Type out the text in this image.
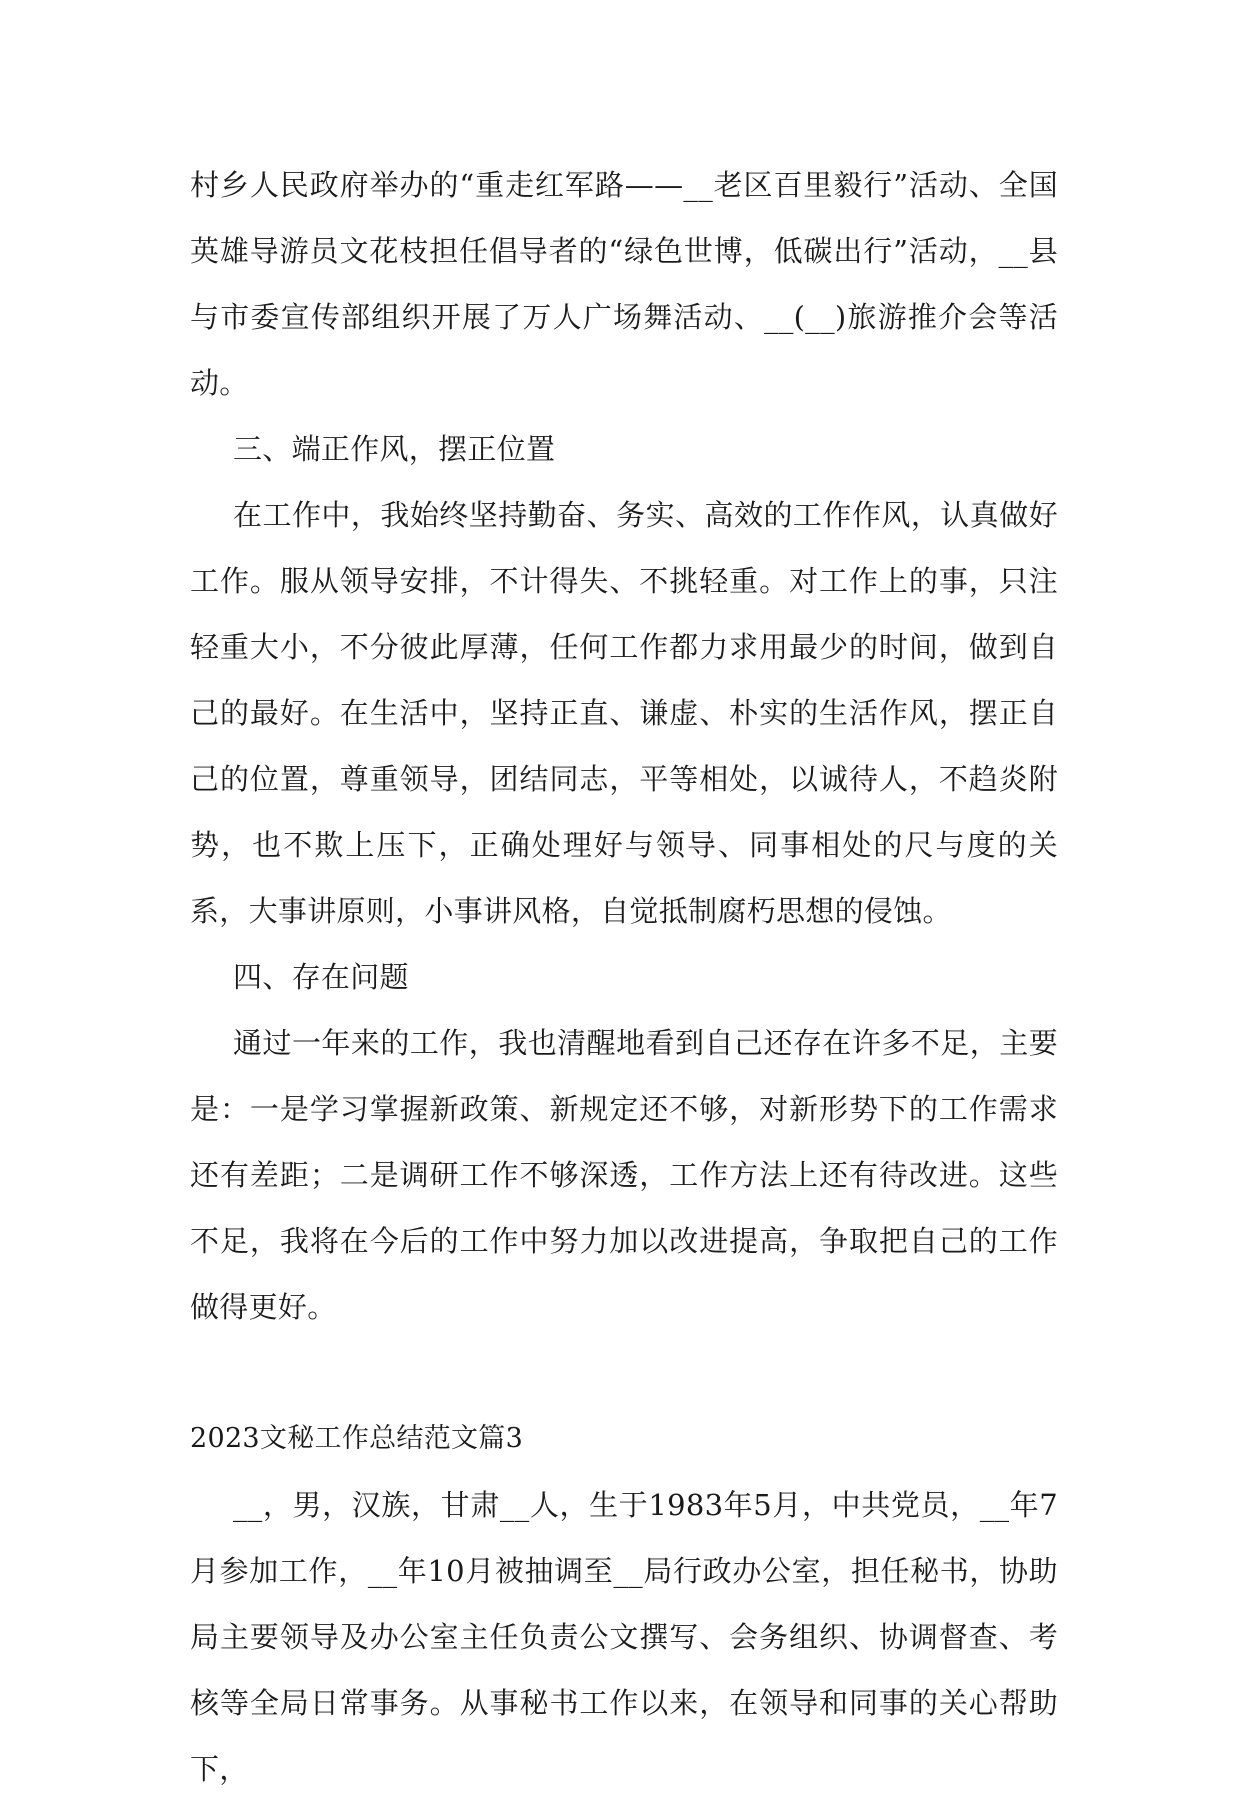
村乡人民政府举办的“重走红军路——__老区百里毅行”活动、全国英雄导游员文花枝担任倡导者的“绿色世博，低碳出行”活动，__县与市委宣传部组织开展了万人广场舞活动、__(__)旅游推介会等活动。

三、端正作风，摆正位置

在工作中，我始终坚持勤奋、务实、高效的工作作风，认真做好工作。服从领导安排，不计得失、不挑轻重。对工作上的事，只注轻重大小，不分彼此厚薄，任何工作都力求用最少的时间，做到自己的最好。在生活中，坚持正直、谦虚、朴实的生活作风，摆正自己的位置，尊重领导，团结同志，平等相处，以诚待人，不趋炎附势，也不欺上压下，正确处理好与领导、同事相处的尺与度的关系，大事讲原则，小事讲风格，自觉抵制腐朽思想的侵蚀。

四、存在问题

通过一年来的工作，我也清醒地看到自己还存在许多不足，主要是：一是学习掌握新政策、新规定还不够，对新形势下的工作需求还有差距；二是调研工作不够深透，工作方法上还有待改进。这些不足，我将在今后的工作中努力加以改进提高，争取把自己的工作做得更好。

2023文秘工作总结范文篇3

__，男，汉族，甘肃__人，生于1983年5月，中共党员，__年7月参加工作，__年10月被抽调至__局行政办公室，担任秘书，协助局主要领导及办公室主任负责公文撰写、会务组织、协调督查、考核等全局日常事务。从事秘书工作以来，在领导和同事的关心帮助下，
